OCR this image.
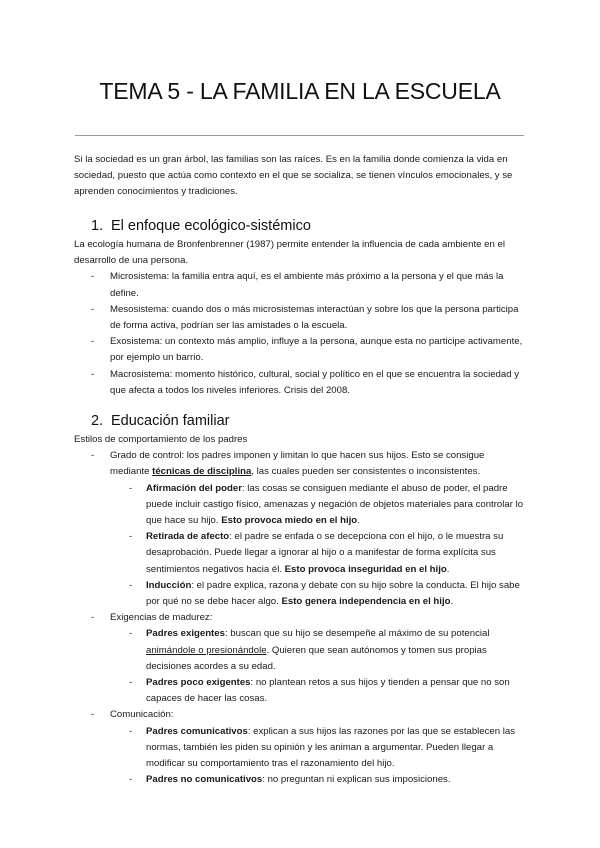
TEMA 5 - LA FAMILIA EN LA ESCUELA

Si la sociedad es un gran árbol, las familias son las raíces. Es en la familia donde comienza la vida en sociedad, puesto que actúa como contexto en el que se socializa, se tienen vínculos emocionales, y se aprenden conocimientos y tradiciones.

1. El enfoque ecológico-sistémico

La ecología humana de Bronfenbrenner (1987) permite entender la influencia de cada ambiente en el desarrollo de una persona.

- Microsistema: la familia entra aquí, es el ambiente más próximo a la persona y el que más la define.
- Mesosistema: cuando dos o más microsistemas interactúan y sobre los que la persona participa de forma activa, podrían ser las amistades o la escuela.
- Exosistema: un contexto más amplio, influye a la persona, aunque esta no participe activamente, por ejemplo un barrio.
- Macrosistema: momento histórico, cultural, social y político en el que se encuentra la sociedad y que afecta a todos los niveles inferiores. Crisis del 2008.
2. Educación familiar

Estilos de comportamiento de los padres

- Grado de control: los padres imponen y limitan lo que hacen sus hijos. Esto se consigue mediante técnicas de disciplina, las cuales pueden ser consistentes o inconsistentes.
- Afirmación del poder: las cosas se consiguen mediante el abuso de poder, el padre puede incluir castigo físico, amenazas y negación de objetos materiales para controlar lo que hace su hijo. Esto provoca miedo en el hijo.
- Retirada de afecto: el padre se enfada o se decepciona con el hijo, o le muestra su desaprobación. Puede llegar a ignorar al hijo o a manifestar de forma explícita sus sentimientos negativos hacia él. Esto provoca inseguridad en el hijo.
- Inducción: el padre explica, razona y debate con su hijo sobre la conducta. El hijo sabe por qué no se debe hacer algo. Esto genera independencia en el hijo.
- Exigencias de madurez:
- Padres exigentes: buscan que su hijo se desempeñe al máximo de su potencial animándole o presionándole. Quieren que sean autónomos y tomen sus propias decisiones acordes a su edad.
- Padres poco exigentes: no plantean retos a sus hijos y tienden a pensar que no son capaces de hacer las cosas.
- Comunicación:
- Padres comunicativos: explican a sus hijos las razones por las que se establecen las normas, también les piden su opinión y les animan a argumentar. Pueden llegar a modificar su comportamiento tras el razonamiento del hijo.
- Padres no comunicativos: no preguntan ni explican sus imposiciones.
